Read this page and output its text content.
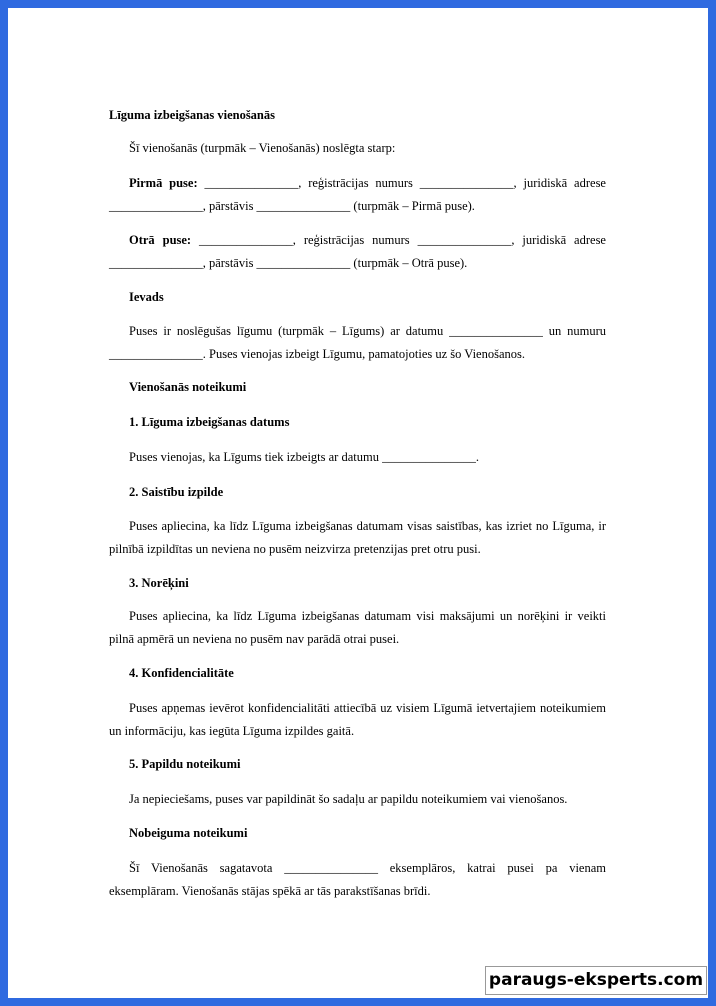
Līguma izbeigšanas vienošanās
Šī vienošanās (turpmāk – Vienošanās) noslēgta starp:
Pirmā puse: _______________, reģistrācijas numurs _______________, juridiskā adrese _______________, pārstāvis _______________ (turpmāk – Pirmā puse).
Otrā puse: _______________, reģistrācijas numurs _______________, juridiskā adrese _______________, pārstāvis _______________ (turpmāk – Otrā puse).
Ievads
Puses ir noslēgušas līgumu (turpmāk – Līgums) ar datumu _______________ un numuru _______________. Puses vienojas izbeigt Līgumu, pamatojoties uz šo Vienošanos.
Vienošanās noteikumi
1. Līguma izbeigšanas datums
Puses vienojas, ka Līgums tiek izbeigts ar datumu _______________.
2. Saistību izpilde
Puses apliecina, ka līdz Līguma izbeigšanas datumam visas saistības, kas izriet no Līguma, ir pilnībā izpildītas un neviena no pusēm neizvirza pretenzijas pret otru pusi.
3. Norēķini
Puses apliecina, ka līdz Līguma izbeigšanas datumam visi maksājumi un norēķini ir veikti pilnā apmērā un neviena no pusēm nav parādā otrai pusei.
4. Konfidencialitāte
Puses apņemas ievērot konfidencialitāti attiecībā uz visiem Līgumā ietvertajiem noteikumiem un informāciju, kas iegūta Līguma izpildes gaitā.
5. Papildu noteikumi
Ja nepieciešams, puses var papildināt šo sadaļu ar papildu noteikumiem vai vienošanos.
Nobeiguma noteikumi
Šī Vienošanās sagatavota _______________ eksemplāros, katrai pusei pa vienam eksemplāram. Vienošanās stājas spēkā ar tās parakstīšanas brīdi.
paraugs-eksperts.com
